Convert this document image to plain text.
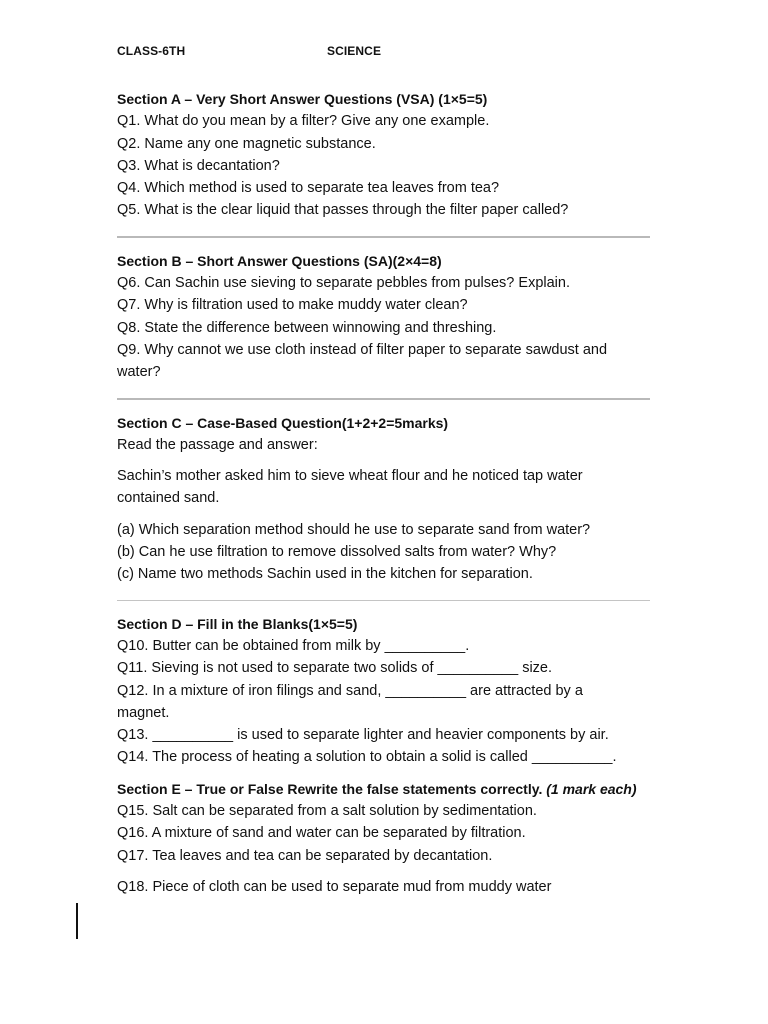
CLASS-6TH	SCIENCE

Section A – Very Short Answer Questions (VSA) (1×5=5)

Q1. What do you mean by a filter? Give any one example.

Q2. Name any one magnetic substance.

Q3. What is decantation?

Q4. Which method is used to separate tea leaves from tea?

Q5. What is the clear liquid that passes through the filter paper called?

Section B – Short Answer Questions (SA)(2×4=8)

Q6. Can Sachin use sieving to separate pebbles from pulses? Explain.

Q7. Why is filtration used to make muddy water clean?

Q8. State the difference between winnowing and threshing.

Q9. Why cannot we use cloth instead of filter paper to separate sawdust and

water?

Section C – Case-Based Question(1+2+2=5marks)

Read the passage and answer:

Sachin’s mother asked him to sieve wheat flour and he noticed tap water

contained sand.

(a) Which separation method should he use to separate sand from water?

(b) Can he use filtration to remove dissolved salts from water? Why?

(c) Name two methods Sachin used in the kitchen for separation.

Section D – Fill in the Blanks(1×5=5)

Q10. Butter can be obtained from milk by __________.

Q11. Sieving is not used to separate two solids of __________ size.

Q12. In a mixture of iron filings and sand, __________ are attracted by a

magnet.

Q13. __________ is used to separate lighter and heavier components by air.

Q14. The process of heating a solution to obtain a solid is called __________.

Section E – True or False Rewrite the false statements correctly. (1 mark each)

Q15. Salt can be separated from a salt solution by sedimentation.

Q16. A mixture of sand and water can be separated by filtration.

Q17. Tea leaves and tea can be separated by decantation.

Q18. Piece of cloth can be used to separate mud from muddy water
